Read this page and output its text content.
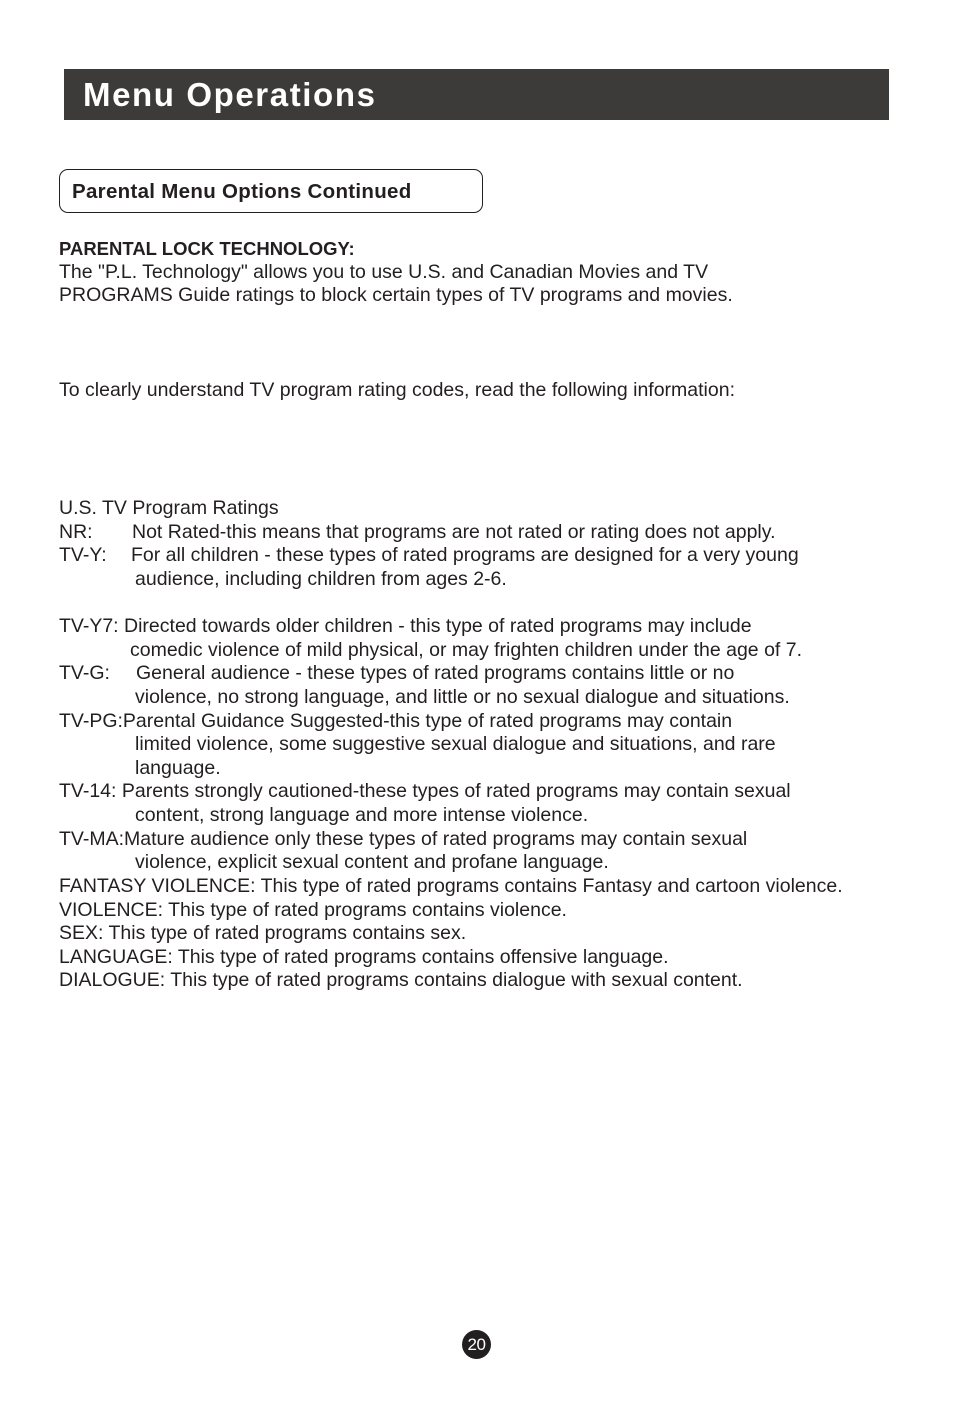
Menu Operations
Parental Menu Options Continued
PARENTAL LOCK TECHNOLOGY:
The "P.L. Technology" allows you to use U.S. and Canadian Movies and TV
PROGRAMS Guide ratings to block certain types of TV programs and movies.
To clearly understand TV program rating codes, read the following information:
U.S. TV Program Ratings
NR: Not Rated-this means that programs are not rated or rating does not apply.
TV-Y: For all children - these types of rated programs are designed for a very young
audience, including children from ages 2-6.
TV-Y7: Directed towards older children - this type of rated programs may include
comedic violence of mild physical, or may frighten children under the age of 7.
TV-G: General audience - these types of rated programs contains little or no
violence, no strong language, and little or no sexual dialogue and situations.
TV-PG:Parental Guidance Suggested-this type of rated programs may contain
limited violence, some suggestive sexual dialogue and situations, and rare
language.
TV-14: Parents strongly cautioned-these types of rated programs may contain sexual
content, strong language and more intense violence.
TV-MA:Mature audience only these types of rated programs may contain sexual
violence, explicit sexual content and profane language.
FANTASY VIOLENCE: This type of rated programs contains Fantasy and cartoon violence.
VIOLENCE: This type of rated programs contains violence.
SEX: This type of rated programs contains sex.
LANGUAGE: This type of rated programs contains offensive language.
DIALOGUE: This type of rated programs contains dialogue with sexual content.
20
